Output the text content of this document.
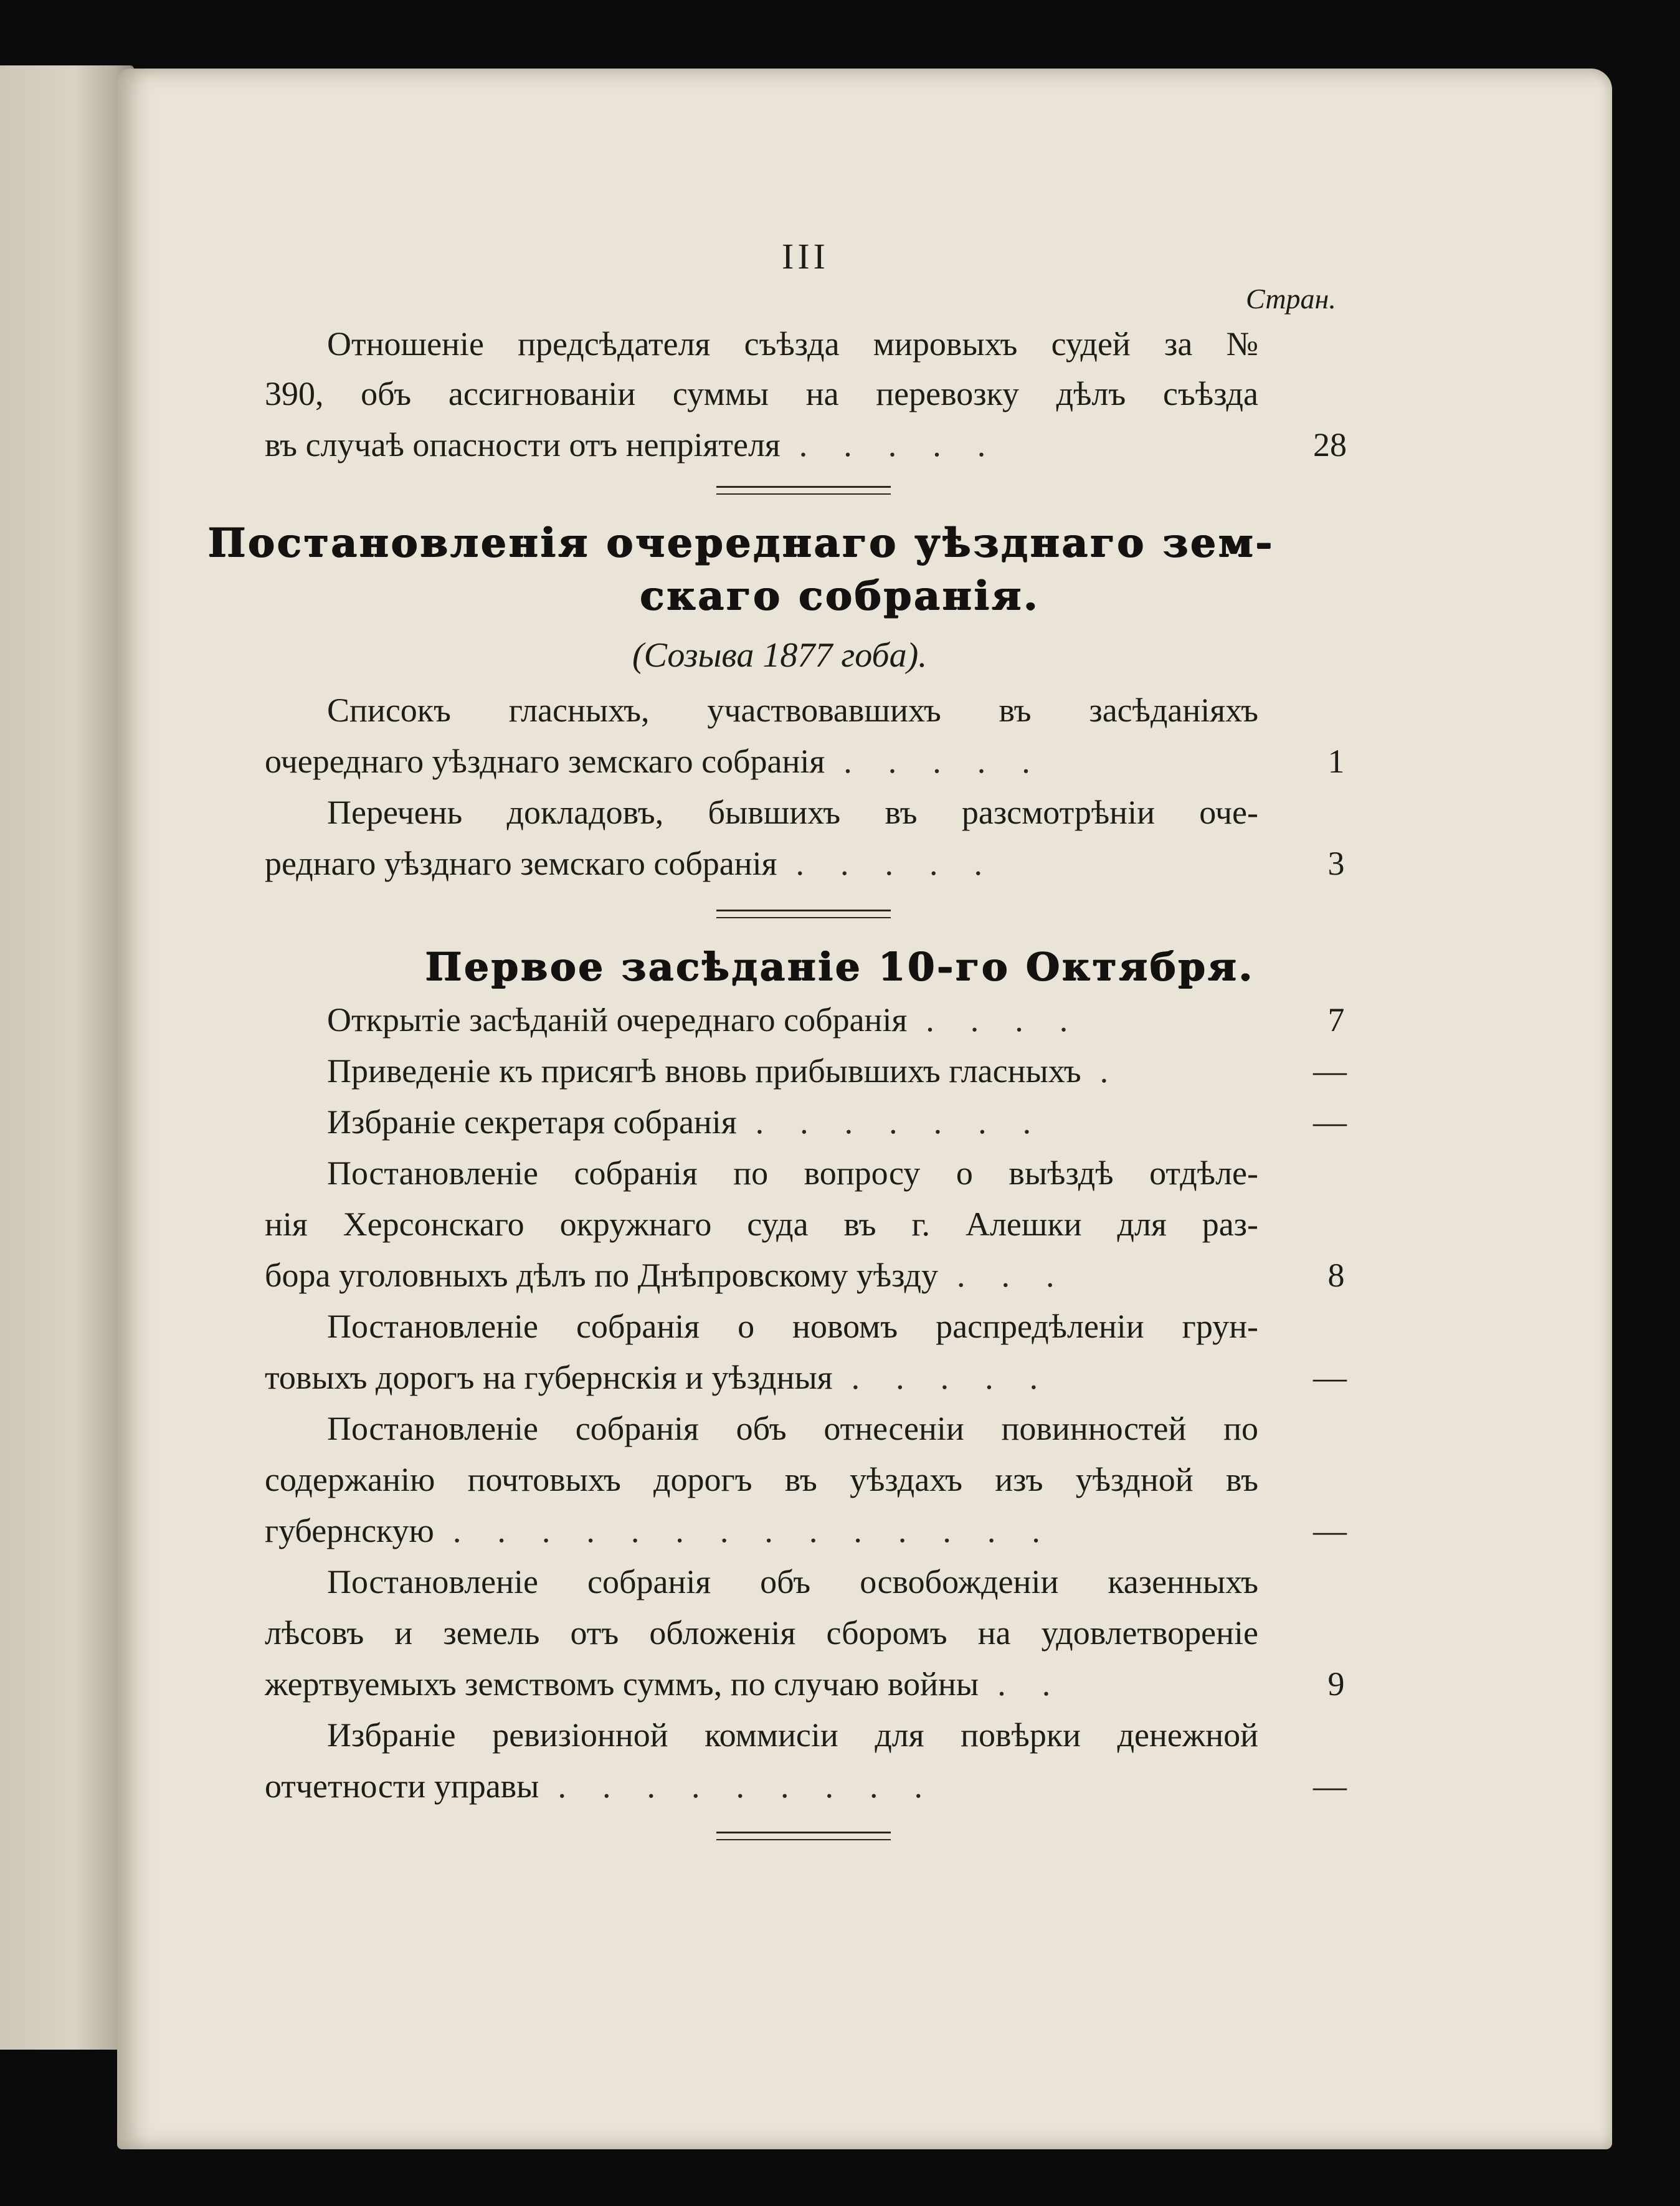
III
Стран.
Отношеніе предсѣдателя съѣзда мировыхъ судей за №
390, объ ассигнованіи суммы на перевозку дѣлъ съѣзда
въ случаѣ опасности отъ непріятеля .....	28
Постановленія очереднаго уѣзднаго зем-
скаго собранія.
(Созыва 1877 гоба).
Списокъ гласныхъ, участвовавшихъ въ засѣданіяхъ
очереднаго уѣзднаго земскаго собранія .....	1
Перечень докладовъ, бывшихъ въ разсмотрѣніи оче-
реднаго уѣзднаго земскаго собранія .....	3
Первое засѣданіе 10-го Октября.
Открытіе засѣданій очереднаго собранія ....	7
Приведеніе къ присягѣ вновь прибывшихъ гласныхъ .	—
Избраніе секретаря собранія .......	—
Постановленіе собранія по вопросу о выѣздѣ отдѣле-
нія Херсонскаго окружнаго суда въ г. Алешки для раз-
бора уголовныхъ дѣлъ по Днѣпровскому уѣзду ...	8
Постановленіе собранія о новомъ распредѣленіи грун-
товыхъ дорогъ на губернскія и уѣздныя .....	—
Постановленіе собранія объ отнесеніи повинностей по
содержанію почтовыхъ дорогъ въ уѣздахъ изъ уѣздной въ
губернскую ..............	—
Постановленіе собранія объ освобожденіи казенныхъ
лѣсовъ и земель отъ обложенія сборомъ на удовлетвореніе
жертвуемыхъ земствомъ суммъ, по случаю войны ..	9
Избраніе ревизіонной коммисіи для повѣрки денежной
отчетности управы .........	—
